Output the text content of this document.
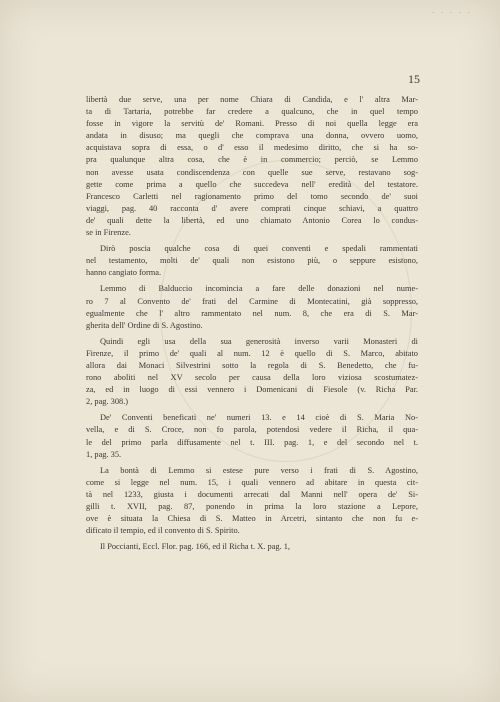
· · · · ·
15
libertà due serve, una per nome Chiara di Candida, e l' altra Mar-
ta di Tartaria, potrebbe far credere a qualcuno, che in quel tempo
fosse in vigore la servitù de' Romani. Presso di noi quella legge era
andata in disuso; ma quegli che comprava una donna, ovvero uomo,
acquistava sopra di essa, o d' esso il medesimo diritto, che si ha so-
pra qualunque altra cosa, che è in commercio; perciò, se Lemmo
non avesse usata condiscendenza con quelle sue serve, restavano sog-
gette come prima a quello che succedeva nell' eredità del testatore.
Francesco Carletti nel ragionamento primo del tomo secondo de' suoi
viaggi, pag. 40 racconta d' avere comprati cinque schiavi, a quattro
de' quali dette la libertà, ed uno chiamato Antonio Corea lo condus-
se in Firenze.
Dirò poscia qualche cosa di quei conventi e spedali rammentati
nel testamento, molti de' quali non esistono più, o seppure esistono,
hanno cangiato forma.
Lemmo di Balduccio incomincia a fare delle donazioni nel nume-
ro 7 al Convento de' frati del Carmine di Montecatini, già soppresso,
egualmente che l' altro rammentato nel num. 8, che era di S. Mar-
gherita dell' Ordine di S. Agostino.
Quindi egli usa della sua generosità inverso varii Monasteri di
Firenze, il primo de' quali al num. 12 è quello di S. Marco, abitato
allora dai Monaci Silvestrini sotto la regola di S. Benedetto, che fu-
rono aboliti nel XV secolo per causa della loro viziosa scostumatez-
za, ed in luogo di essi vennero i Domenicani di Fiesole (v. Richa Par.
2, pag. 308.)
De' Conventi beneficati ne' numeri 13. e 14 cioè di S. Maria No-
vella, e di S. Croce, non fo parola, potendosi vedere il Richa, il qua-
le del primo parla diffusamente nel t. III. pag. 1, e del secondo nel t.
1, pag. 35.
La bontà di Lemmo si estese pure verso i frati di S. Agostino,
come si legge nel num. 15, i quali vennero ad abitare in questa cit-
tà nel 1233, giusta i documenti arrecati dal Manni nell' opera de' Si-
gilli t. XVII, pag. 87, ponendo in prima la loro stazione a Lepore,
ove è situata la Chiesa di S. Matteo in Arcetri, sintanto che non fu e-
dificato il tempio, ed il convento di S. Spirito.
Il Poccianti, Eccl. Flor. pag. 166, ed il Richa t. X. pag. 1,
